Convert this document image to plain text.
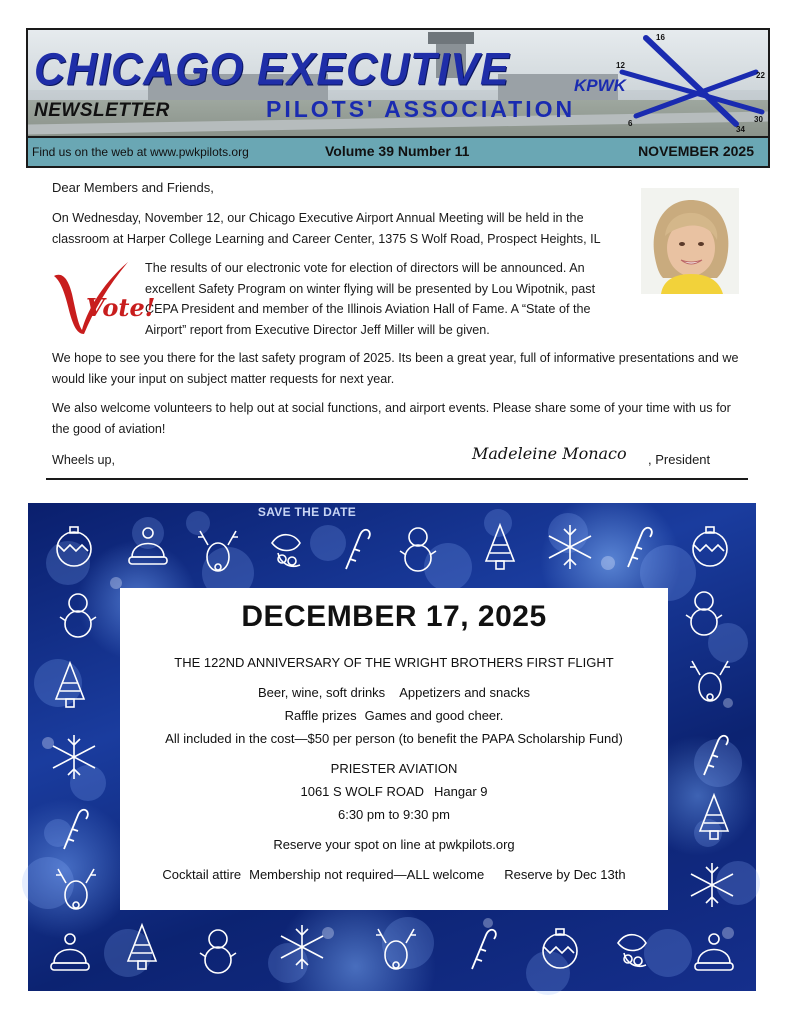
CHICAGO EXECUTIVE
NEWSLETTER	PILOTS' ASSOCIATION
KPWK
16
22
34
12
30
6
Find us on the web at www.pwkpilots.org	Volume 39 Number 11	NOVEMBER 2025
Dear Members and Friends,
On Wednesday, November 12, our Chicago Executive Airport Annual Meeting will be held in the classroom at Harper College Learning and Career Center, 1375 S Wolf Road, Prospect Heights, IL
The results of our electronic vote for election of directors will be announced. An excellent Safety Program on winter flying will be presented by Lou Wipotnik, past CEPA President and member of the Illinois Aviation Hall of Fame. A “State of the Airport” report from Executive Director Jeff Miller will be given.
We hope to see you there for the last safety program of 2025. Its been a great year, full of informative presentations and we would like your input on subject matter requests for next year.
We also welcome volunteers to help out at social functions, and airport events. Please share some of your time with us for the good of aviation!
Wheels up,	Madeleine Monaco , President
Vote!
SAVE THE DATE
DECEMBER 17, 2025
THE 122ND ANNIVERSARY OF THE WRIGHT BROTHERS FIRST FLIGHT
Beer, wine, soft drinks Appetizers and snacks
Raffle prizes Games and good cheer.
All included in the cost—$50 per person (to benefit the PAPA Scholarship Fund)
PRIESTER AVIATION
1061 S WOLF ROAD Hangar 9
6:30 pm to 9:30 pm
Reserve your spot on line at pwkpilots.org
Cocktail attire Membership not required—ALL welcome Reserve by Dec 13th
